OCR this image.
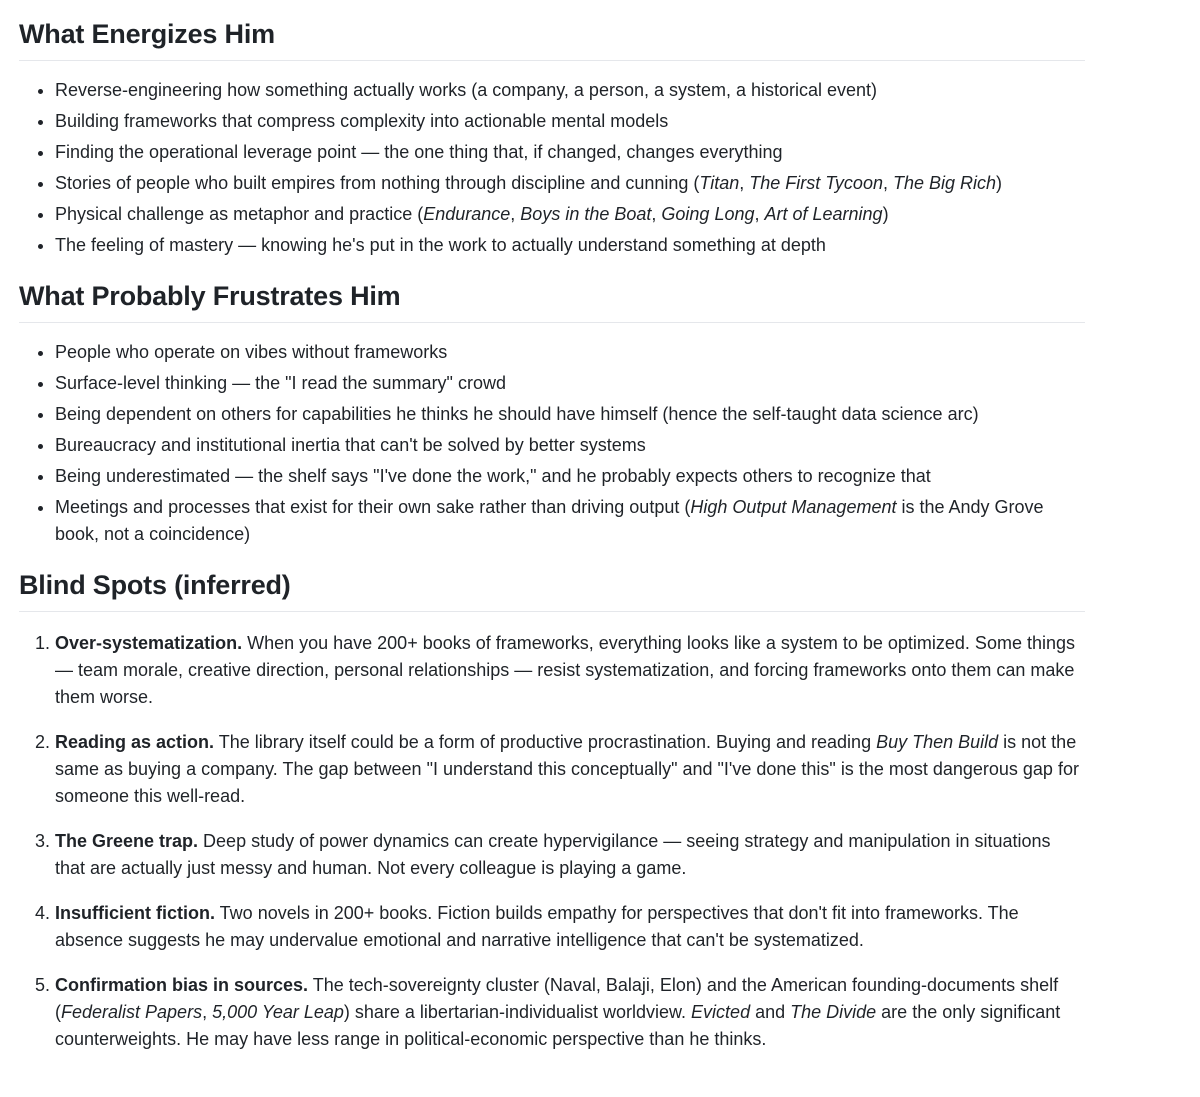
What Energizes Him
• Reverse-engineering how something actually works (a company, a person, a system, a historical event)
• Building frameworks that compress complexity into actionable mental models
• Finding the operational leverage point — the one thing that, if changed, changes everything
• Stories of people who built empires from nothing through discipline and cunning (Titan, The First Tycoon, The Big Rich)
• Physical challenge as metaphor and practice (Endurance, Boys in the Boat, Going Long, Art of Learning)
• The feeling of mastery — knowing he's put in the work to actually understand something at depth
What Probably Frustrates Him
• People who operate on vibes without frameworks
• Surface-level thinking — the "I read the summary" crowd
• Being dependent on others for capabilities he thinks he should have himself (hence the self-taught data science arc)
• Bureaucracy and institutional inertia that can't be solved by better systems
• Being underestimated — the shelf says "I've done the work," and he probably expects others to recognize that
• Meetings and processes that exist for their own sake rather than driving output (High Output Management is the Andy Grove book, not a coincidence)
Blind Spots (inferred)
1. Over-systematization. When you have 200+ books of frameworks, everything looks like a system to be optimized. Some things — team morale, creative direction, personal relationships — resist systematization, and forcing frameworks onto them can make them worse.
2. Reading as action. The library itself could be a form of productive procrastination. Buying and reading Buy Then Build is not the same as buying a company. The gap between "I understand this conceptually" and "I've done this" is the most dangerous gap for someone this well-read.
3. The Greene trap. Deep study of power dynamics can create hypervigilance — seeing strategy and manipulation in situations that are actually just messy and human. Not every colleague is playing a game.
4. Insufficient fiction. Two novels in 200+ books. Fiction builds empathy for perspectives that don't fit into frameworks. The absence suggests he may undervalue emotional and narrative intelligence that can't be systematized.
5. Confirmation bias in sources. The tech-sovereignty cluster (Naval, Balaji, Elon) and the American founding-documents shelf (Federalist Papers, 5,000 Year Leap) share a libertarian-individualist worldview. Evicted and The Divide are the only significant counterweights. He may have less range in political-economic perspective than he thinks.
